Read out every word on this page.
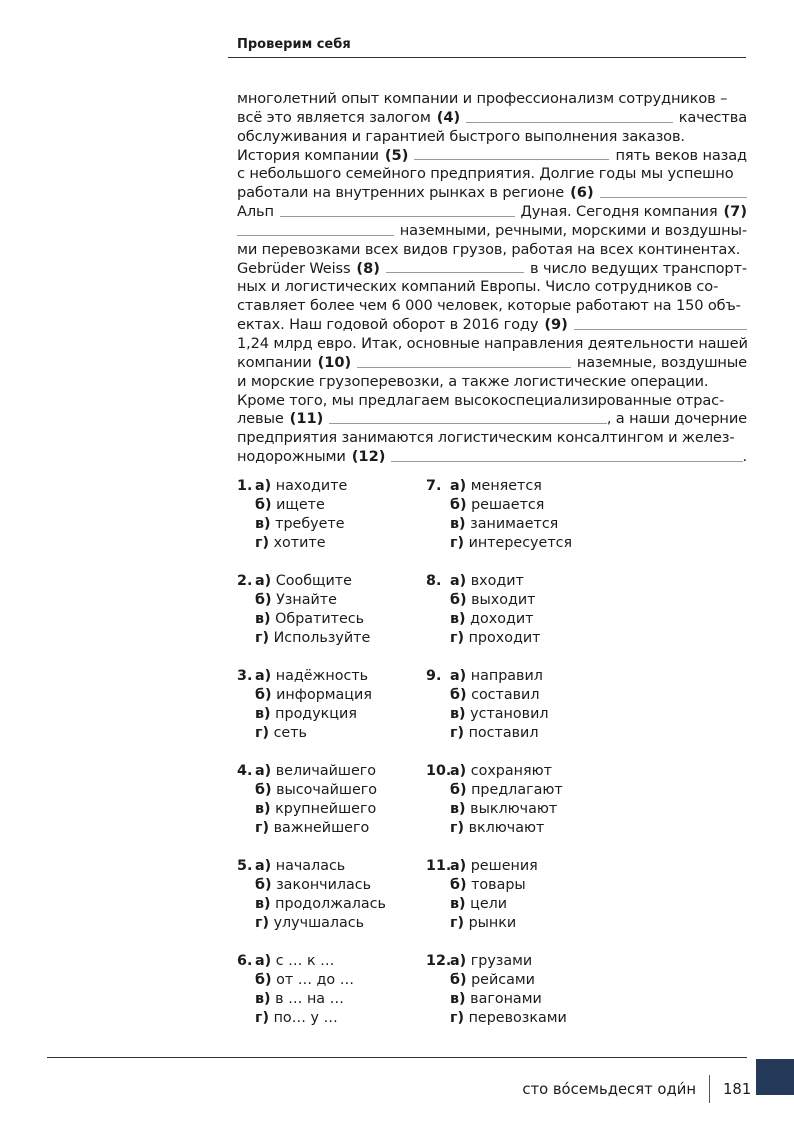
Проверим себя
многолетний опыт компании и профессионализм сотрудников –
всё это является залогом (4)	качества
обслуживания и гарантией быстрого выполнения заказов.
История компании (5)	пять веков назад
с небольшого семейного предприятия. Долгие годы мы успешно
работали на внутренних рынках в регионе (6)
Альп	Дуная. Сегодня компания (7)
наземными, речными, морскими и воздушны-
ми перевозками всех видов грузов, работая на всех континентах.
Gebrüder Weiss (8)	в число ведущих транспорт-
ных и логистических компаний Европы. Число сотрудников со-
ставляет более чем 6 000 человек, которые работают на 150 объ-
ектах. Наш годовой оборот в 2016 году (9)
1,24 млрд евро. Итак, основные направления деятельности нашей
компании (10)	наземные, воздушные
и морские грузоперевозки, а также логистические операции.
Кроме того, мы предлагаем высокоспециализированные отрас-
левые (11)	, а наши дочерние
предприятия занимаются логистическим консалтингом и желез-
нодорожными (12)	.
1. а) находите
б) ищете
в) требуете
г) хотите
2. а) Сообщите
б) Узнайте
в) Обратитесь
г) Используйте
3. а) надёжность
б) информация
в) продукция
г) сеть
4. а) величайшего
б) высочайшего
в) крупнейшего
г) важнейшего
5. а) началась
б) закончилась
в) продолжалась
г) улучшалась
6. а) с … к …
б) от … до …
в) в … на …
г) по… у …
7. а) меняется
б) решается
в) занимается
г) интересуется
8. а) входит
б) выходит
в) доходит
г) проходит
9. а) направил
б) составил
в) установил
г) поставил
10.а) сохраняют
б) предлагают
в) выключают
г) включают
11.а) решения
б) товары
в) цели
г) рынки
12.а) грузами
б) рейсами
в) вагонами
г) перевозками
сто во́семьдесят оди́н 181
